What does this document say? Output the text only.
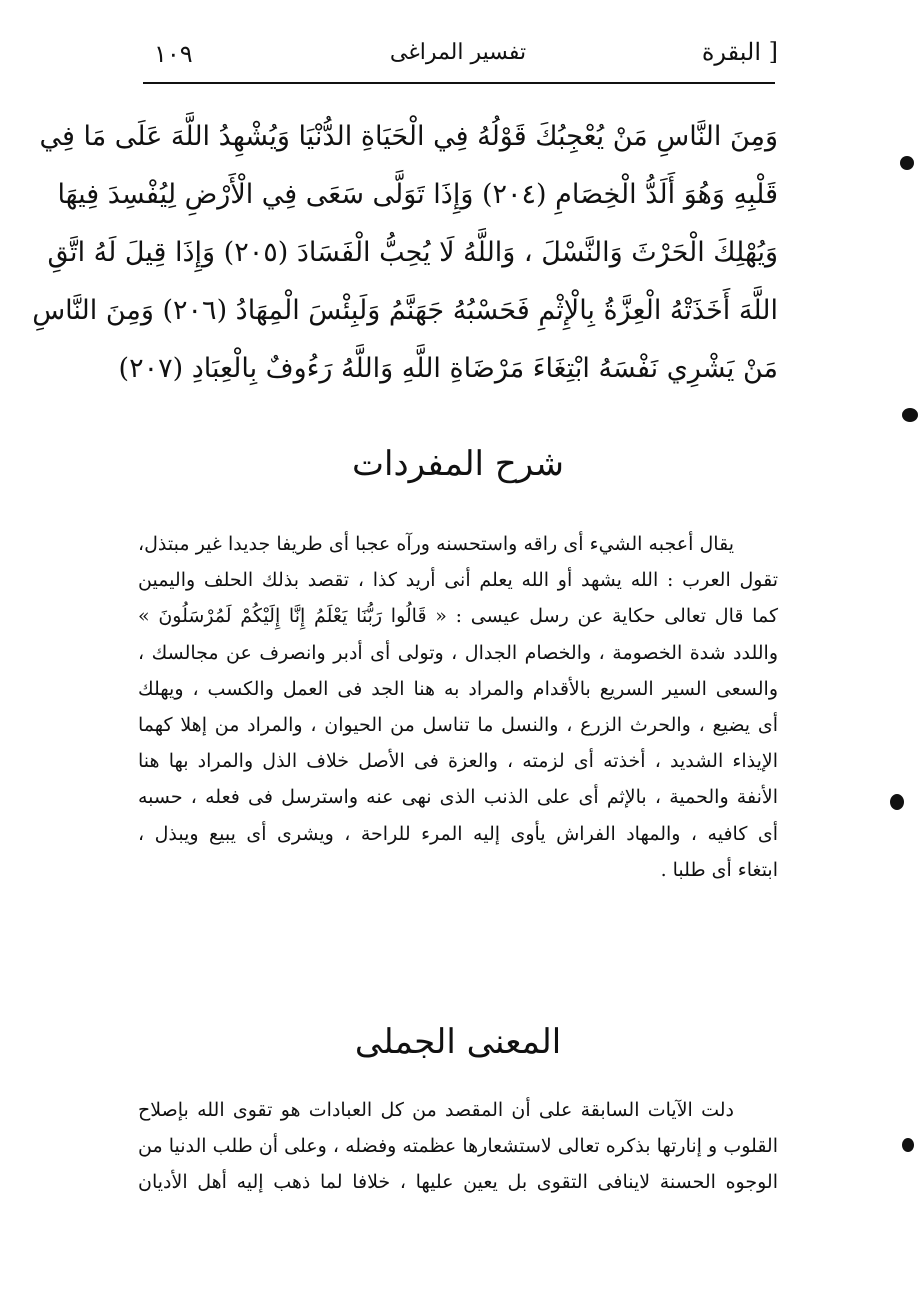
[ البقرة
تفسير المراغى
١٠٩
وَمِنَ النَّاسِ مَنْ يُعْجِبُكَ قَوْلُهُ فِي الْحَيَاةِ الدُّنْيَا وَيُشْهِدُ اللَّهَ عَلَى مَا فِي
قَلْبِهِ وَهُوَ أَلَدُّ الْخِصَامِ (٢٠٤) وَإِذَا تَوَلَّى سَعَى فِي الْأَرْضِ لِيُفْسِدَ فِيهَا
وَيُهْلِكَ الْحَرْثَ وَالنَّسْلَ ، وَاللَّهُ لَا يُحِبُّ الْفَسَادَ (٢٠٥) وَإِذَا قِيلَ لَهُ اتَّقِ
اللَّهَ أَخَذَتْهُ الْعِزَّةُ بِالْإِثْمِ فَحَسْبُهُ جَهَنَّمُ وَلَبِئْسَ الْمِهَادُ (٢٠٦) وَمِنَ النَّاسِ
مَنْ يَشْرِي نَفْسَهُ ابْتِغَاءَ مَرْضَاةِ اللَّهِ وَاللَّهُ رَءُوفٌ بِالْعِبَادِ (٢٠٧)
شرح المفردات
يقال أعجبه الشيء أى راقه واستحسنه ورآه عجبا أى طريفا جديدا غير مبتذل،
تقول العرب : الله يشهد أو الله يعلم أنى أريد كذا ، تقصد بذلك الحلف واليمين
كما قال تعالى حكاية عن رسل عيسى : « قَالُوا رَبُّنَا يَعْلَمُ إِنَّا إِلَيْكُمْ لَمُرْسَلُونَ »
واللدد شدة الخصومة ، والخصام الجدال ، وتولى أى أدبر وانصرف عن مجالسك ،
والسعى السير السريع بالأقدام والمراد به هنا الجد فى العمل والكسب ، ويهلك
أى يضيع ، والحرث الزرع ، والنسل ما تناسل من الحيوان ، والمراد من إهلا كهما
الإيذاء الشديد ، أخذته أى لزمته ، والعزة فى الأصل خلاف الذل والمراد بها هنا
الأنفة والحمية ، بالإثم أى على الذنب الذى نهى عنه واسترسل فى فعله ، حسبه
أى كافيه ، والمهاد الفراش يأوى إليه المرء للراحة ، ويشرى أى يبيع ويبذل ،
ابتغاء أى طلبا .
المعنى الجملى
دلت الآيات السابقة على أن المقصد من كل العبادات هو تقوى الله بإصلاح
القلوب و إنارتها بذكره تعالى لاستشعارها عظمته وفضله ، وعلى أن طلب الدنيا من
الوجوه الحسنة لاينافى التقوى بل يعين عليها ، خلافا لما ذهب إليه أهل الأديان
